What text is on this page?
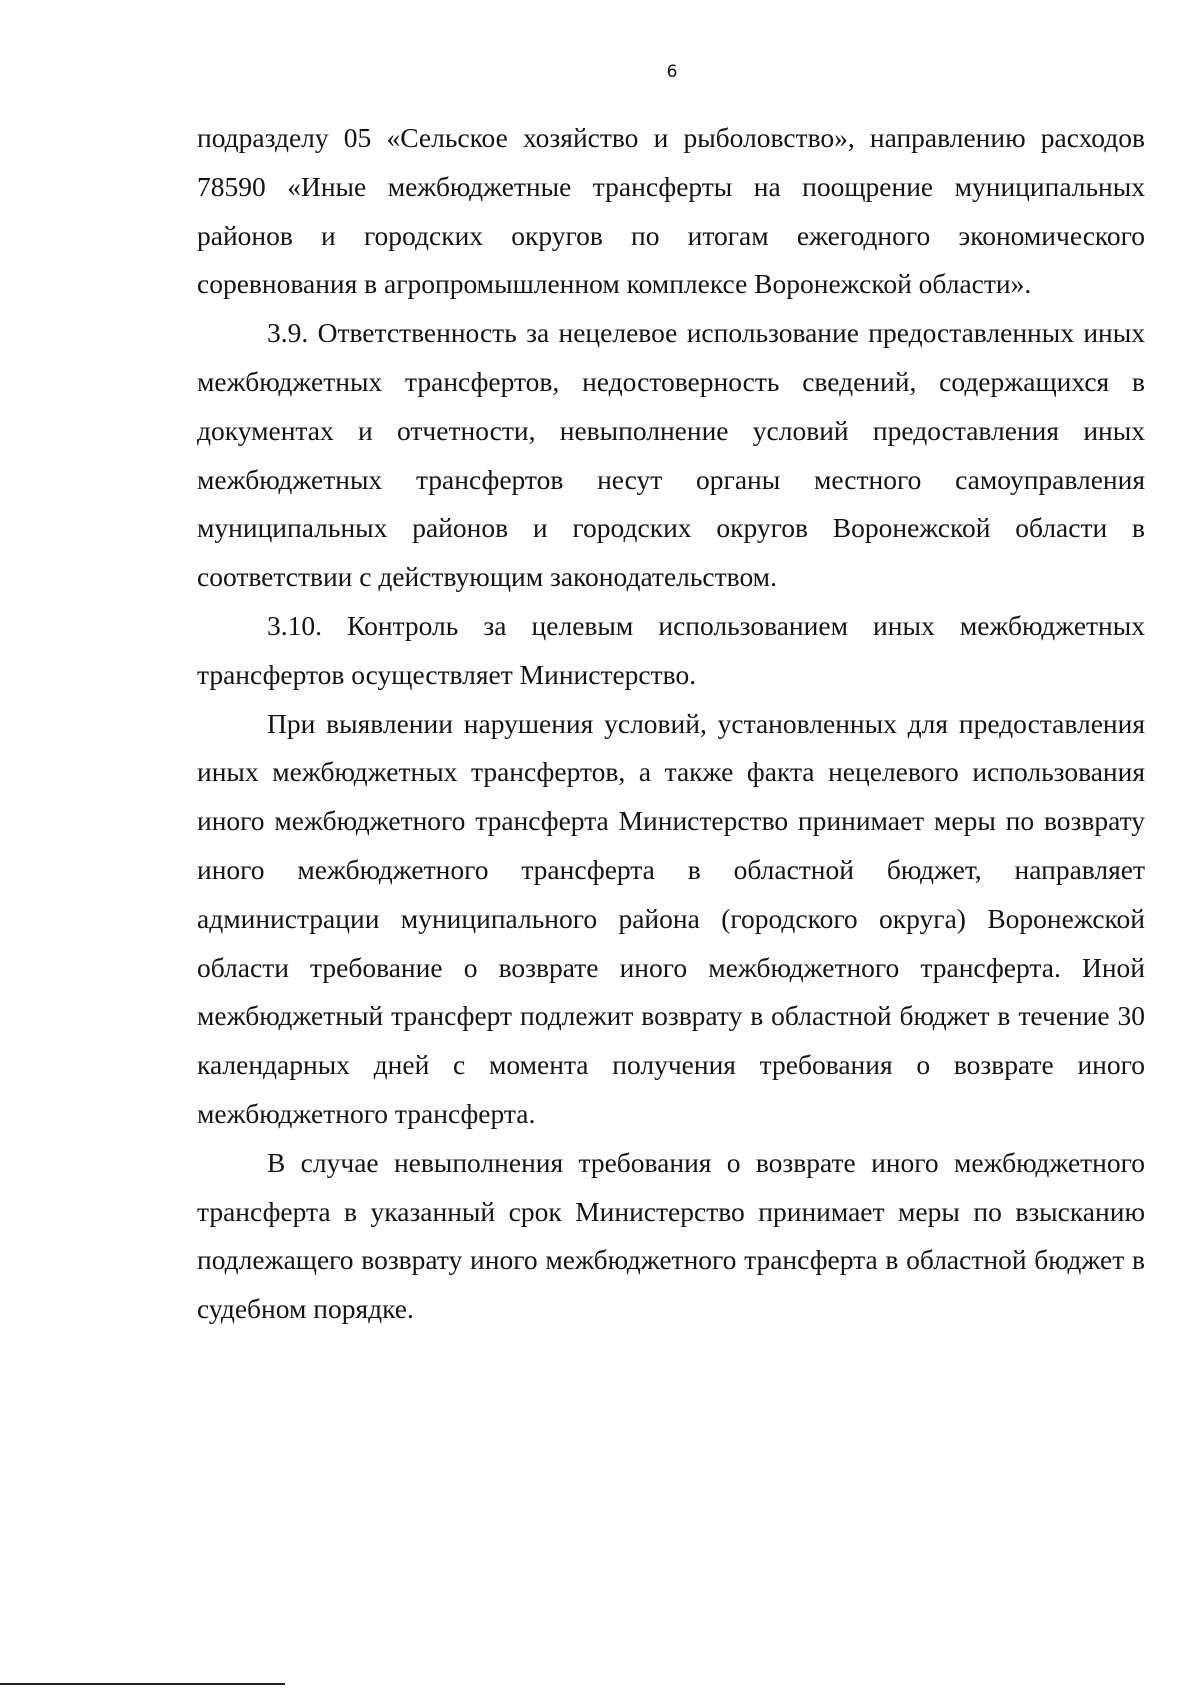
6

подразделу 05 «Сельское хозяйство и рыболовство», направлению расходов 78590 «Иные межбюджетные трансферты на поощрение муниципальных районов и городских округов по итогам ежегодного экономического соревнования в агропромышленном комплексе Воронежской области».

3.9. Ответственность за нецелевое использование предоставленных иных межбюджетных трансфертов, недостоверность сведений, содержащихся в документах и отчетности, невыполнение условий предоставления иных межбюджетных трансфертов несут органы местного самоуправления муниципальных районов и городских округов Воронежской области в соответствии с действующим законодательством.

3.10. Контроль за целевым использованием иных межбюджетных трансфертов осуществляет Министерство.

При выявлении нарушения условий, установленных для предоставления иных межбюджетных трансфертов, а также факта нецелевого использования иного межбюджетного трансферта Министерство принимает меры по возврату иного межбюджетного трансферта в областной бюджет, направляет администрации муниципального района (городского округа) Воронежской области требование о возврате иного межбюджетного трансферта. Иной межбюджетный трансферт подлежит возврату в областной бюджет в течение 30 календарных дней с момента получения требования о возврате иного межбюджетного трансферта.

В случае невыполнения требования о возврате иного межбюджетного трансферта в указанный срок Министерство принимает меры по взысканию подлежащего возврату иного межбюджетного трансферта в областной бюджет в судебном порядке.
